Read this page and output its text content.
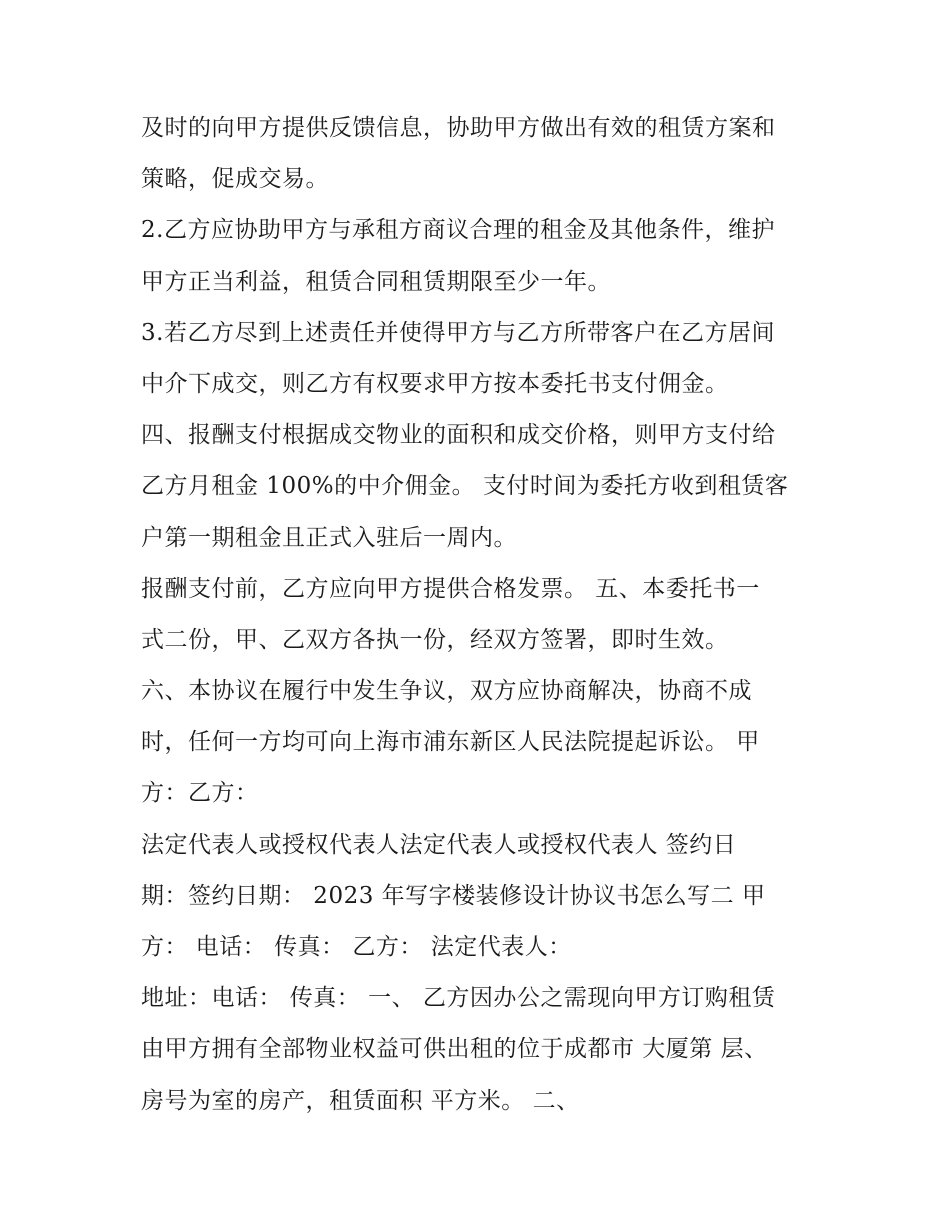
及时的向甲方提供反馈信息，协助甲方做出有效的租赁方案和
策略，促成交易。
2.乙方应协助甲方与承租方商议合理的租金及其他条件，维护
甲方正当利益，租赁合同租赁期限至少一年。
3.若乙方尽到上述责任并使得甲方与乙方所带客户在乙方居间
中介下成交，则乙方有权要求甲方按本委托书支付佣金。
四、报酬支付根据成交物业的面积和成交价格，则甲方支付给
乙方月租金 100%的中介佣金。 支付时间为委托方收到租赁客
户第一期租金且正式入驻后一周内。
报酬支付前，乙方应向甲方提供合格发票。 五、本委托书一
式二份，甲、乙双方各执一份，经双方签署，即时生效。
六、本协议在履行中发生争议，双方应协商解决，协商不成
时，任何一方均可向上海市浦东新区人民法院提起诉讼。 甲
方：乙方：
法定代表人或授权代表人法定代表人或授权代表人 签约日
期：签约日期： 2023 年写字楼装修设计协议书怎么写二 甲
方： 电话： 传真： 乙方： 法定代表人：
地址：电话： 传真： 一、 乙方因办公之需现向甲方订购租赁
由甲方拥有全部物业权益可供出租的位于成都市 大厦第 层、
房号为室的房产，租赁面积 平方米。 二、
